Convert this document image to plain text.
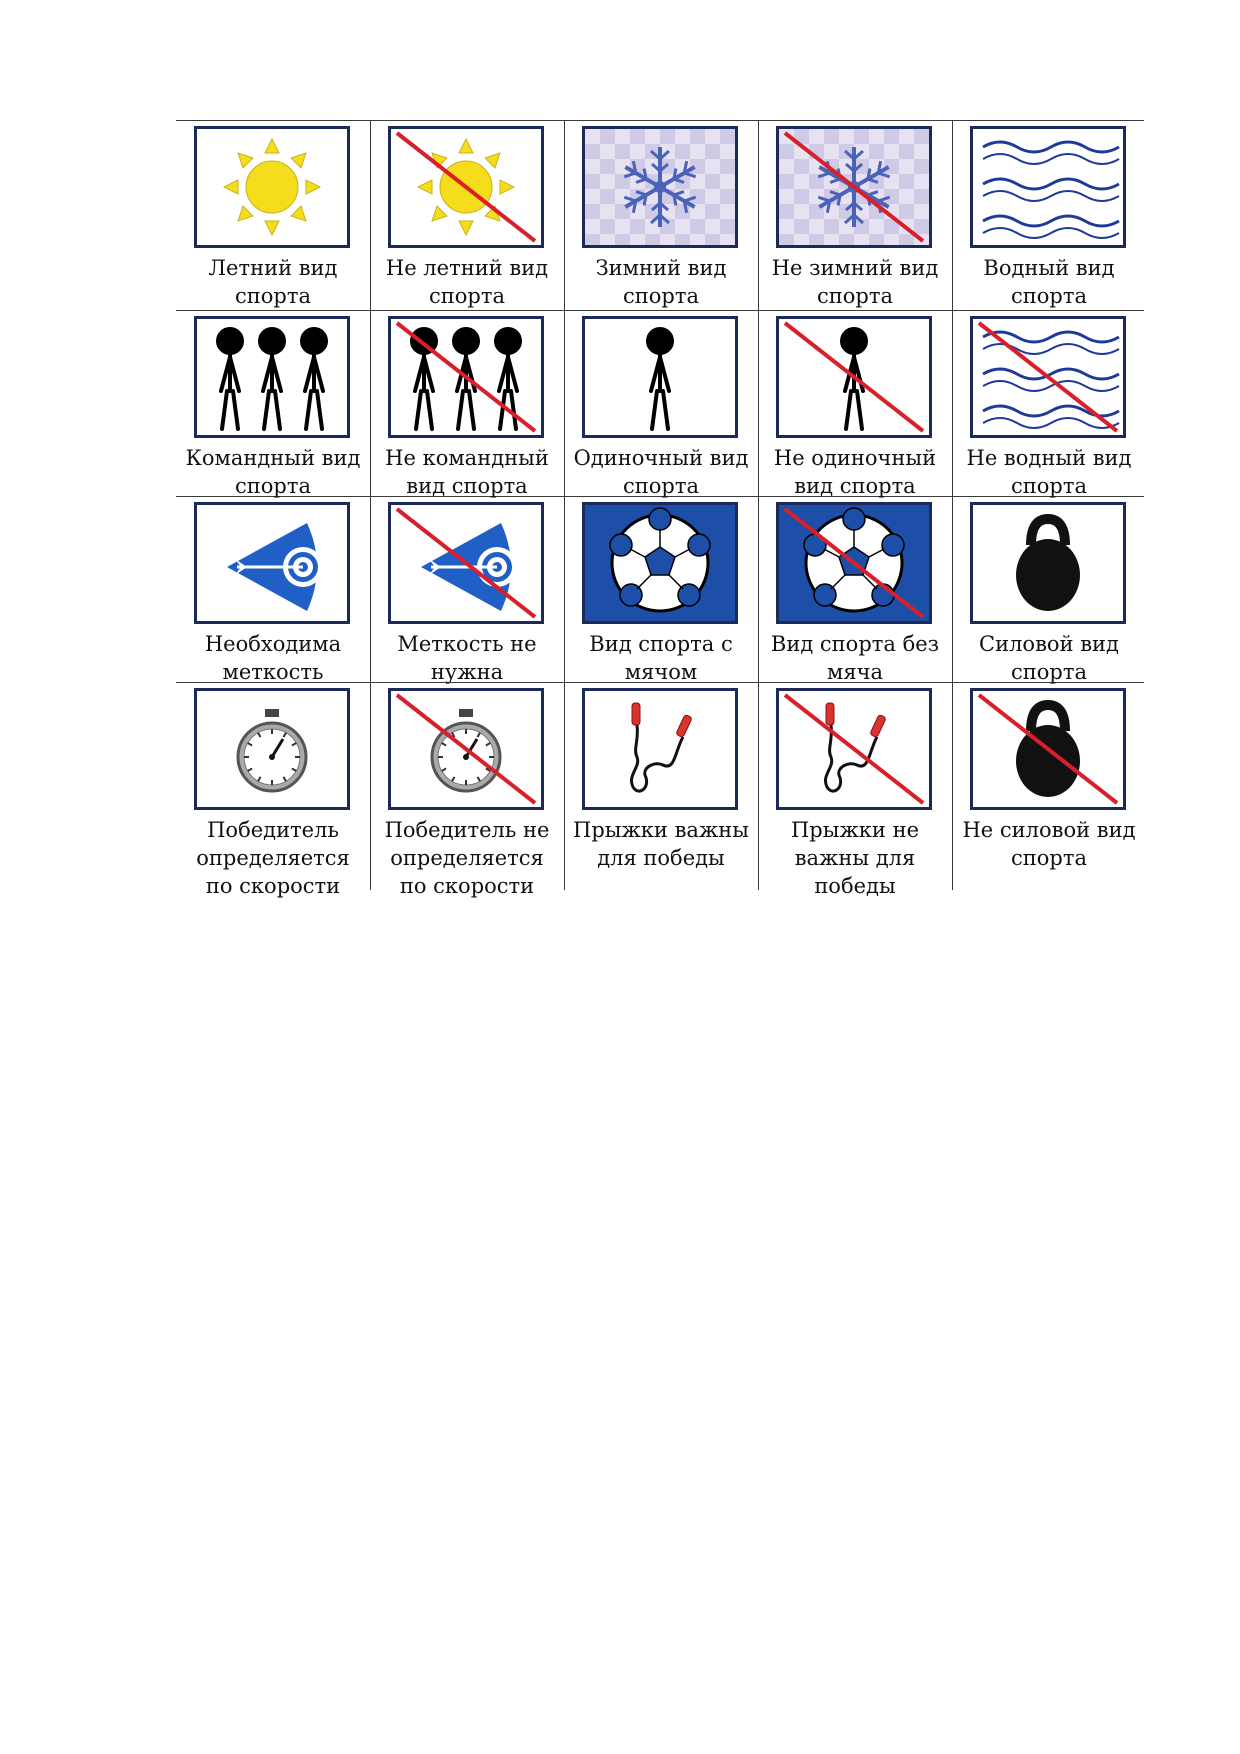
Летний вид
спорта
Не летний вид
спорта
Зимний вид
спорта
Не зимний вид
спорта
Водный вид
спорта
Командный вид
спорта
Не командный
вид спорта
Одиночный вид
спорта
Не одиночный
вид спорта
Не водный вид
спорта
Необходима
меткость
Меткость не
нужна
Вид спорта с
мячом
Вид спорта без
мяча
Силовой вид
спорта
Победитель
определяется
по скорости
Победитель не
определяется
по скорости
Прыжки важны
для победы
Прыжки не
важны для
победы
Не силовой вид
спорта
